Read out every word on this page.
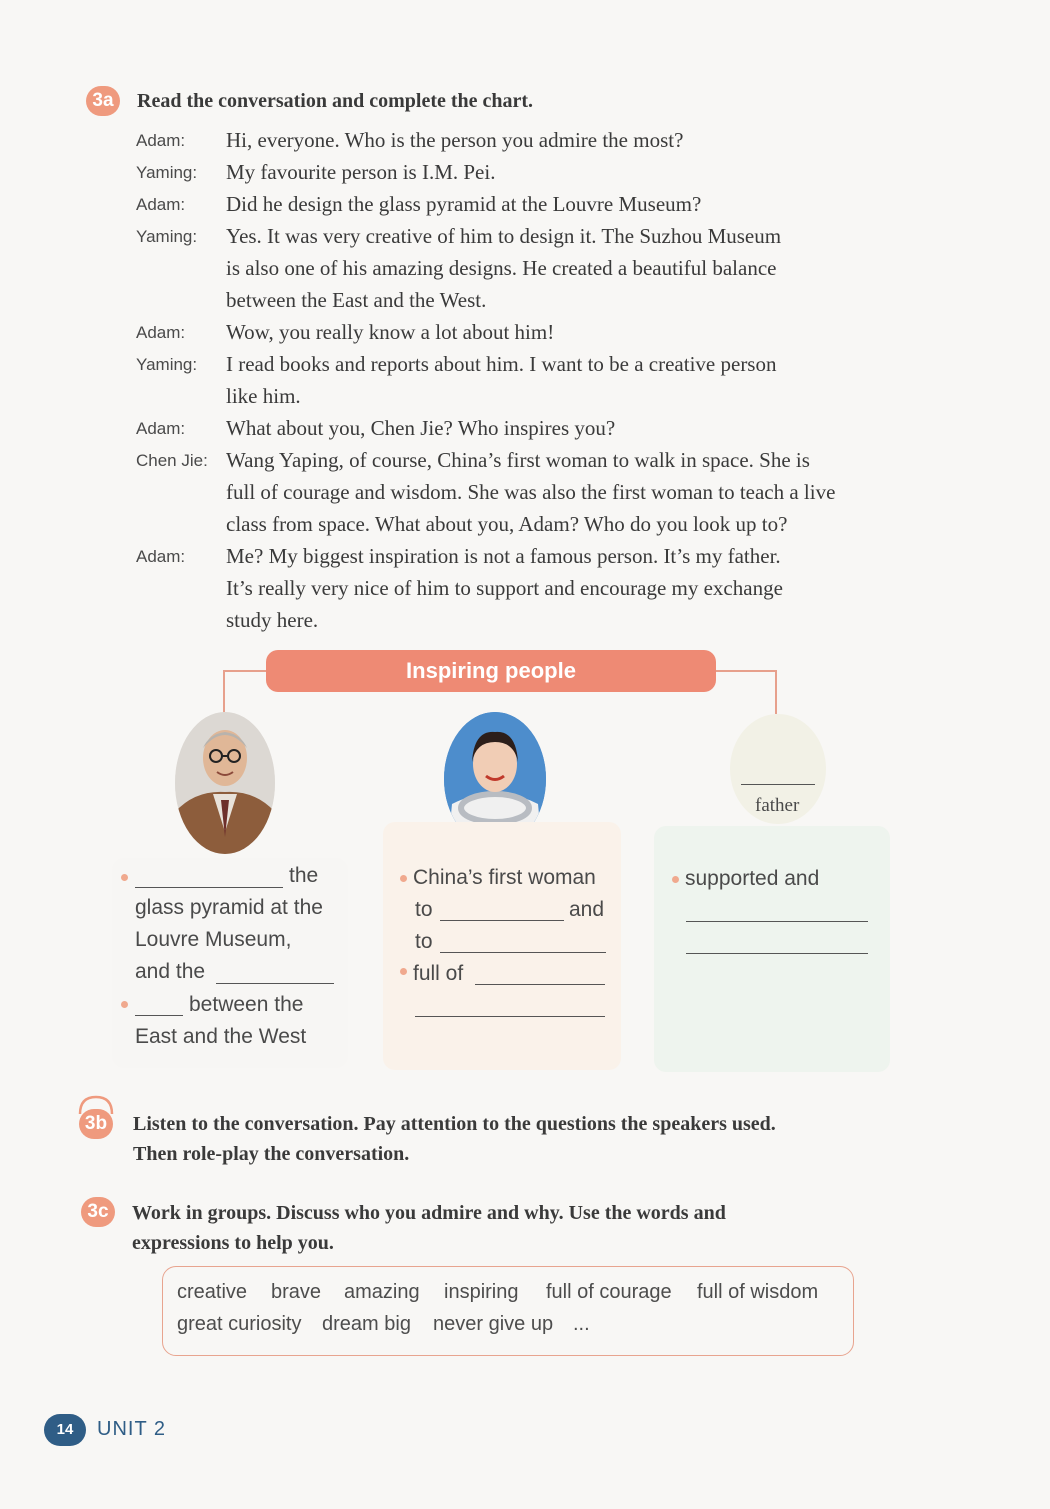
3a	Read the conversation and complete the chart.
Adam: Hi, everyone. Who is the person you admire the most?
Yaming: My favourite person is I.M. Pei.
Adam: Did he design the glass pyramid at the Louvre Museum?
Yaming: Yes. It was very creative of him to design it. The Suzhou Museum
is also one of his amazing designs. He created a beautiful balance
between the East and the West.
Adam: Wow, you really know a lot about him!
Yaming: I read books and reports about him. I want to be a creative person
like him.
Adam: What about you, Chen Jie? Who inspires you?
Chen Jie: Wang Yaping, of course, China’s first woman to walk in space. She is
full of courage and wisdom. She was also the first woman to teach a live
class from space. What about you, Adam? Who do you look up to?
Adam: Me? My biggest inspiration is not a famous person. It’s my father.
It’s really very nice of him to support and encourage my exchange
study here.
Inspiring people
father
the
glass pyramid at the
Louvre Museum,
and the
between the
East and the West
China’s first woman
to	and
to
full of
supported and
3b Listen to the conversation. Pay attention to the questions the speakers used.
Then role-play the conversation.
3c	Work in groups. Discuss who you admire and why. Use the words and
expressions to help you.
creative brave amazing inspiring full of courage full of wisdom
great curiosity dream big never give up ...
14	UNIT 2
